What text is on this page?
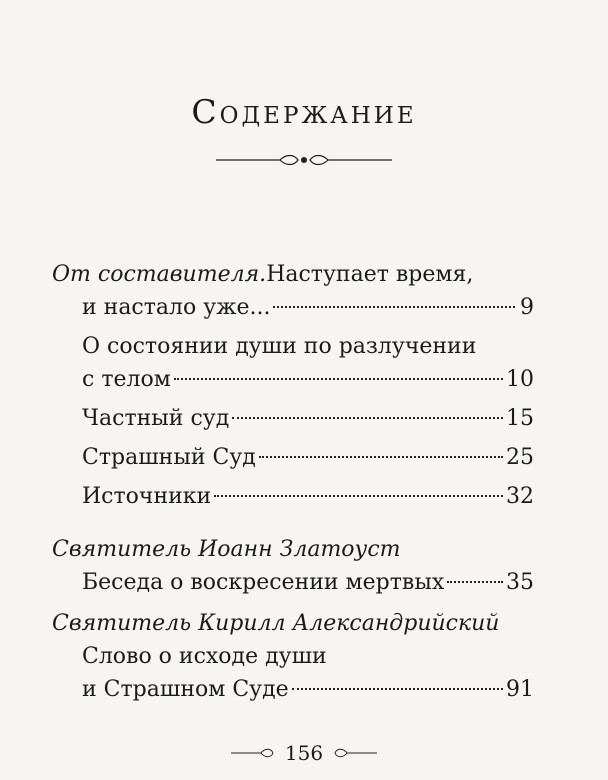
Содержание
От составителя. Наступает время,
и настало уже...	9
О состоянии души по разлучении
с телом	10
Частный суд	15
Страшный Суд	25
Источники	32
Святитель Иоанн Златоуст
Беседа о воскресении мертвых	35
Святитель Кирилл Александрийский
Слово о исходе души
и Страшном Суде	91
156
